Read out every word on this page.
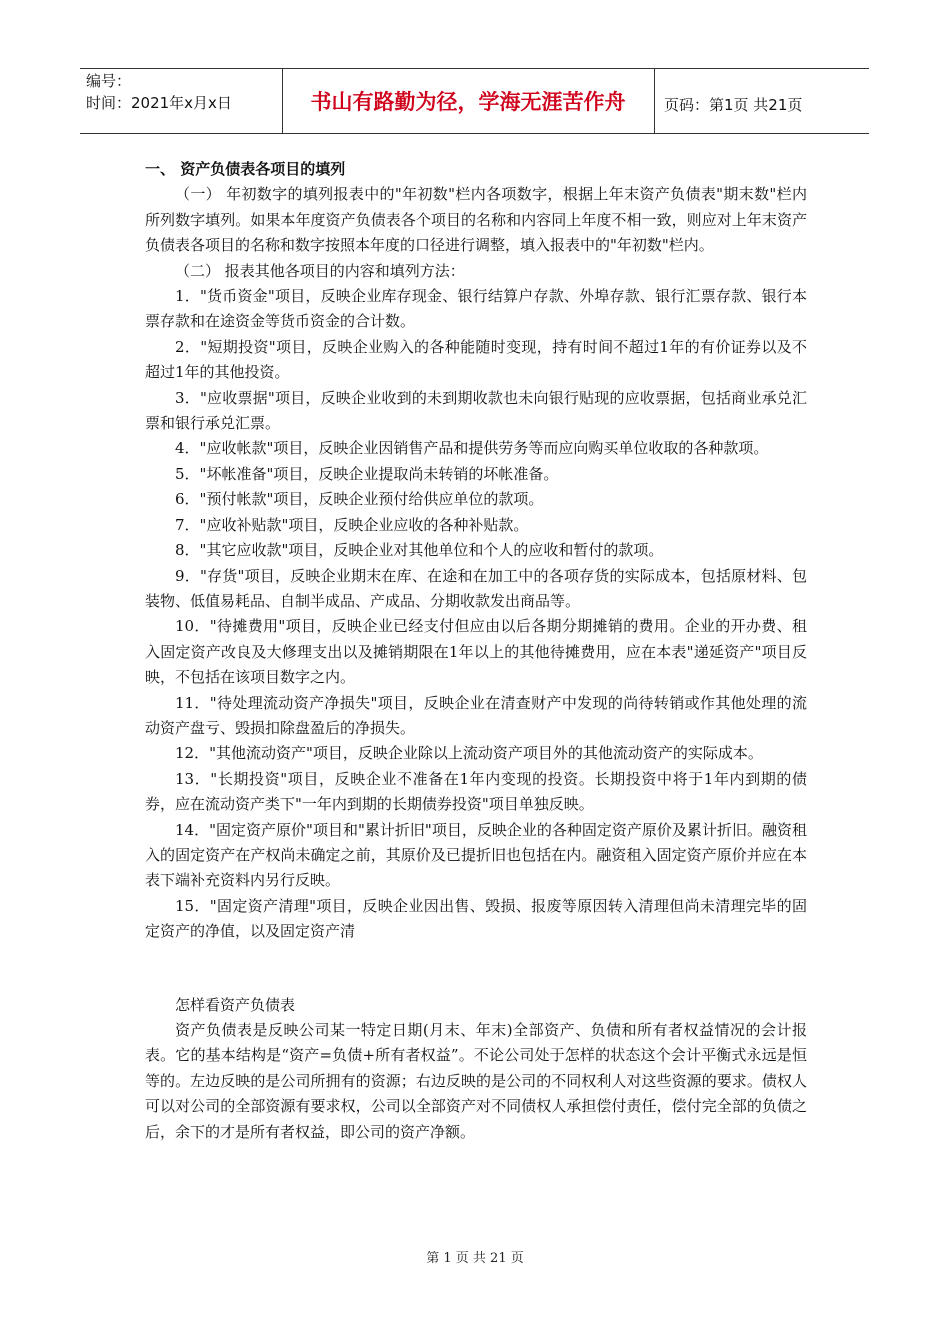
编号：
时间：2021年x月x日	书山有路勤为径，学海无涯苦作舟	页码：第1页 共21页

一、 资产负债表各项目的填列

（一） 年初数字的填列报表中的"年初数"栏内各项数字，根据上年末资产负债表"期末数"栏内所列数字填列。如果本年度资产负债表各个项目的名称和内容同上年度不相一致，则应对上年末资产负债表各项目的名称和数字按照本年度的口径进行调整，填入报表中的"年初数"栏内。

（二） 报表其他各项目的内容和填列方法：

1．"货币资金"项目，反映企业库存现金、银行结算户存款、外埠存款、银行汇票存款、银行本票存款和在途资金等货币资金的合计数。

2．"短期投资"项目，反映企业购入的各种能随时变现，持有时间不超过1年的有价证券以及不超过1年的其他投资。

3．"应收票据"项目，反映企业收到的未到期收款也未向银行贴现的应收票据，包括商业承兑汇票和银行承兑汇票。

4．"应收帐款"项目，反映企业因销售产品和提供劳务等而应向购买单位收取的各种款项。

5．"坏帐准备"项目，反映企业提取尚未转销的坏帐准备。

6．"预付帐款"项目，反映企业预付给供应单位的款项。

7．"应收补贴款"项目，反映企业应收的各种补贴款。

8．"其它应收款"项目，反映企业对其他单位和个人的应收和暂付的款项。

9．"存货"项目，反映企业期末在库、在途和在加工中的各项存货的实际成本，包括原材料、包装物、低值易耗品、自制半成品、产成品、分期收款发出商品等。

10．"待摊费用"项目，反映企业已经支付但应由以后各期分期摊销的费用。企业的开办费、租入固定资产改良及大修理支出以及摊销期限在1年以上的其他待摊费用，应在本表"递延资产"项目反映，不包括在该项目数字之内。

11．"待处理流动资产净损失"项目，反映企业在清查财产中发现的尚待转销或作其他处理的流动资产盘亏、毁损扣除盘盈后的净损失。

12．"其他流动资产"项目，反映企业除以上流动资产项目外的其他流动资产的实际成本。

13．"长期投资"项目，反映企业不准备在1年内变现的投资。长期投资中将于1年内到期的债券，应在流动资产类下"一年内到期的长期债券投资"项目单独反映。

14．"固定资产原价"项目和"累计折旧"项目，反映企业的各种固定资产原价及累计折旧。融资租入的固定资产在产权尚未确定之前，其原价及已提折旧也包括在内。融资租入固定资产原价并应在本表下端补充资料内另行反映。

15．"固定资产清理"项目，反映企业因出售、毁损、报废等原因转入清理但尚未清理完毕的固定资产的净值，以及固定资产清

怎样看资产负债表

资产负债表是反映公司某一特定日期(月末、年末)全部资产、负债和所有者权益情况的会计报表。它的基本结构是“资产=负债+所有者权益”。不论公司处于怎样的状态这个会计平衡式永远是恒等的。左边反映的是公司所拥有的资源；右边反映的是公司的不同权利人对这些资源的要求。债权人可以对公司的全部资源有要求权，公司以全部资产对不同债权人承担偿付责任，偿付完全部的负债之后，余下的才是所有者权益，即公司的资产净额。

第 1 页 共 21 页
